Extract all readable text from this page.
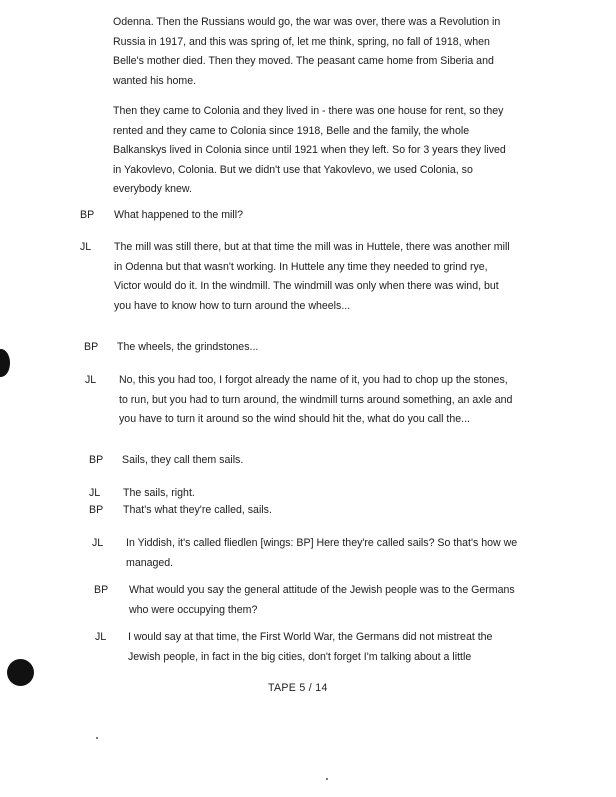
Odenna. Then the Russians would go, the war was over, there was a Revolution in Russia in 1917, and this was spring of, let me think, spring, no fall of 1918, when Belle's mother died. Then they moved. The peasant came home from Siberia and wanted his home.

Then they came to Colonia and they lived in - there was one house for rent, so they rented and they came to Colonia since 1918, Belle and the family, the whole Balkanskys lived in Colonia since until 1921 when they left. So for 3 years they lived in Yakovlevo, Colonia. But we didn't use that Yakovlevo, we used Colonia, so everybody knew.

BP What happened to the mill?

JL The mill was still there, but at that time the mill was in Huttele, there was another mill in Odenna but that wasn't working. In Huttele any time they needed to grind rye, Victor would do it. In the windmill. The windmill was only when there was wind, but you have to know how to turn around the wheels...

BP The wheels, the grindstones...

JL No, this you had too, I forgot already the name of it, you had to chop up the stones, to run, but you had to turn around, the windmill turns around something, an axle and you have to turn it around so the wind should hit the, what do you call the...

BP Sails, they call them sails.

JL The sails, right.

BP That's what they're called, sails.

JL In Yiddish, it's called fliedlen [wings: BP] Here they're called sails? So that's how we managed.

BP What would you say the general attitude of the Jewish people was to the Germans who were occupying them?

JL I would say at that time, the First World War, the Germans did not mistreat the Jewish people, in fact in the big cities, don't forget I'm talking about a little

TAPE 5 / 14
